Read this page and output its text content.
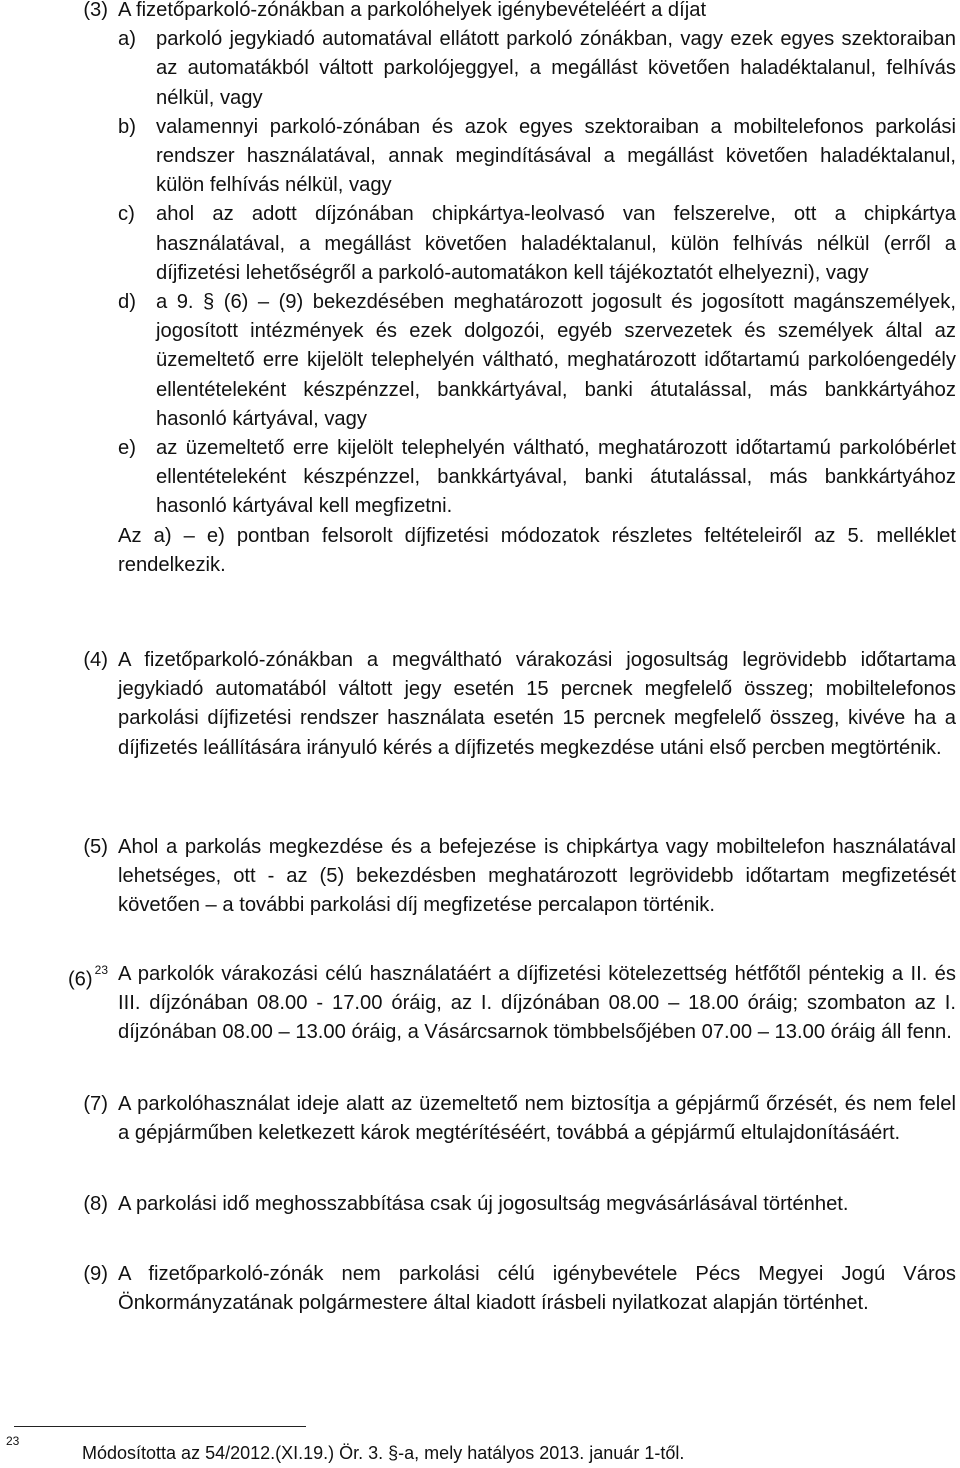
(3) A fizetőparkoló-zónákban a parkolóhelyek igénybevételéért a díjat
a) parkoló jegykiadó automatával ellátott parkoló zónákban, vagy ezek egyes szektoraiban az automatákból váltott parkolójeggyel, a megállást követően haladéktalanul, felhívás nélkül, vagy
b) valamennyi parkoló-zónában és azok egyes szektoraiban a mobiltelefonos parkolási rendszer használatával, annak megindításával a megállást követően haladéktalanul, külön felhívás nélkül, vagy
c) ahol az adott díjzónában chipkártya-leolvasó van felszerelve, ott a chipkártya használatával, a megállást követően haladéktalanul, külön felhívás nélkül (erről a díjfizetési lehetőségről a parkoló-automatákon kell tájékoztatót elhelyezni), vagy
d) a 9. § (6) – (9) bekezdésében meghatározott jogosult és jogosított magánszemélyek, jogosított intézmények és ezek dolgozói, egyéb szervezetek és személyek által az üzemeltető erre kijelölt telephelyén váltható, meghatározott időtartamú parkolóengedély ellentételeként készpénzzel, bankkártyával, banki átutalással, más bankkártyához hasonló kártyával, vagy
e) az üzemeltető erre kijelölt telephelyén váltható, meghatározott időtartamú parkolóbérlet ellentételeként készpénzzel, bankkártyával, banki átutalással, más bankkártyához hasonló kártyával kell megfizetni.
Az a) – e) pontban felsorolt díjfizetési módozatok részletes feltételeiről az 5. melléklet rendelkezik.
(4) A fizetőparkoló-zónákban a megváltható várakozási jogosultság legrövidebb időtartama jegykiadó automatából váltott jegy esetén 15 percnek megfelelő összeg; mobiltelefonos parkolási díjfizetési rendszer használata esetén 15 percnek megfelelő összeg, kivéve ha a díjfizetés leállítására irányuló kérés a díjfizetés megkezdése utáni első percben megtörténik.
(5) Ahol a parkolás megkezdése és a befejezése is chipkártya vagy mobiltelefon használatával lehetséges, ott - az (5) bekezdésben meghatározott legrövidebb időtartam megfizetését követően – a további parkolási díj megfizetése percalapon történik.
(6) $^{23}$ A parkolók várakozási célú használatáért a díjfizetési kötelezettség hétfőtől péntekig a II. és III. díjzónában 08.00 - 17.00 óráig, az I. díjzónában 08.00 – 18.00 óráig; szombaton az I. díjzónában 08.00 – 13.00 óráig, a Vásárcsarnok tömbbelsőjében 07.00 – 13.00 óráig áll fenn.
(7) A parkolóhasználat ideje alatt az üzemeltető nem biztosítja a gépjármű őrzését, és nem felel a gépjárműben keletkezett károk megtérítéséért, továbbá a gépjármű eltulajdonításáért.
(8) A parkolási idő meghosszabbítása csak új jogosultság megvásárlásával történhet.
(9) A fizetőparkoló-zónák nem parkolási célú igénybevétele Pécs Megyei Jogú Város Önkormányzatának polgármestere által kiadott írásbeli nyilatkozat alapján történhet.
23
Módosította az 54/2012.(XI.19.) Ör. 3. §-a, mely hatályos 2013. január 1-től.
